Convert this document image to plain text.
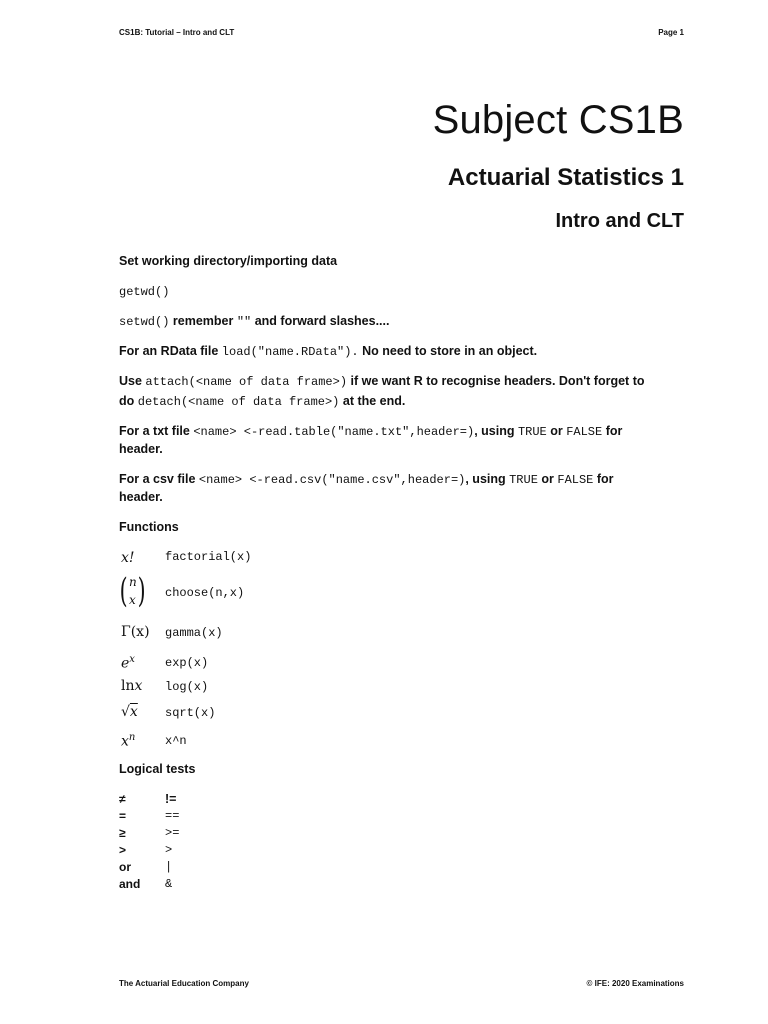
CS1B: Tutorial – Intro and CLT	Page 1
Subject CS1B
Actuarial Statistics 1
Intro and CLT
Set working directory/importing data
getwd()
setwd() remember "" and forward slashes....
For an RData file load("name.RData"). No need to store in an object.
Use attach(<name of data frame>) if we want R to recognise headers. Don't forget to
do detach(<name of data frame>) at the end.
For a txt file <name> <-read.table("name.txt",header=), using TRUE or FALSE for
header.
For a csv file <name> <-read.csv("name.csv",header=), using TRUE or FALSE for
header.
Functions
x!	factorial(x)
( n
x ) choose(n,x)
Γ(x) gamma(x)
$e^x$	exp(x)
lnx log(x)
√x sqrt(x)
$x^n$ x^n
Logical tests
≠	!=
=	==
≥	>=
>	>
or	|
and &
The Actuarial Education Company	© IFE: 2020 Examinations
